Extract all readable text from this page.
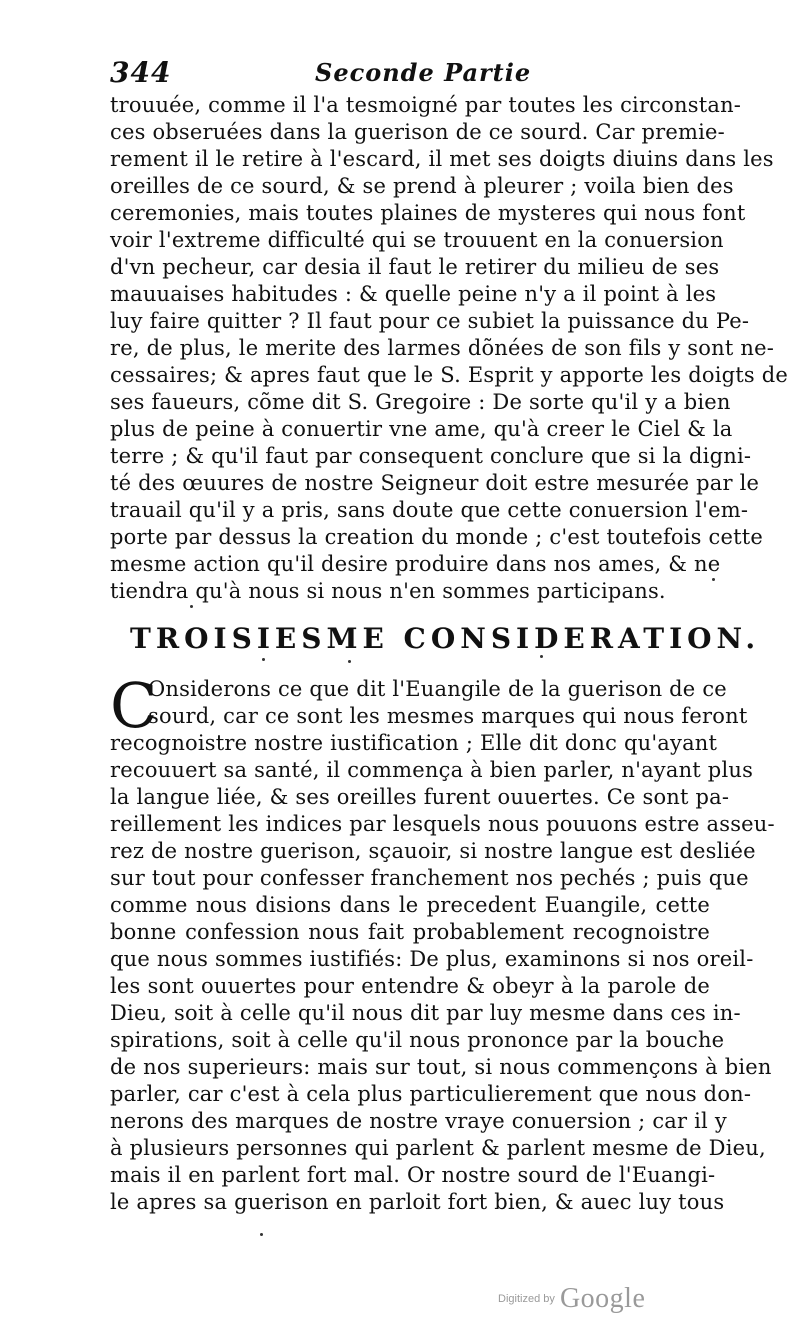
344	Seconde Partie
trouuée, comme il l'a tesmoigné par toutes les circonstan-
ces obseruées dans la guerison de ce sourd. Car premie-
rement il le retire à l'escard, il met ses doigts diuins dans les
oreilles de ce sourd, & se prend à pleurer ; voila bien des
ceremonies, mais toutes plaines de mysteres qui nous font
voir l'extreme difficulté qui se trouuent en la conuersion
d'vn pecheur, car desia il faut le retirer du milieu de ses
mauuaises habitudes : & quelle peine n'y a il point à les
luy faire quitter ? Il faut pour ce subiet la puissance du Pe-
re, de plus, le merite des larmes dõnées de son fils y sont ne-
cessaires; & apres faut que le S. Esprit y apporte les doigts de
ses faueurs, cõme dit S. Gregoire : De sorte qu'il y a bien
plus de peine à conuertir vne ame, qu'à creer le Ciel & la
terre ; & qu'il faut par consequent conclure que si la digni-
té des œuures de nostre Seigneur doit estre mesurée par le
trauail qu'il y a pris, sans doute que cette conuersion l'em-
porte par dessus la creation du monde ; c'est toutefois cette
mesme action qu'il desire produire dans nos ames, & ne
tiendra qu'à nous si nous n'en sommes participans.
TROISIESME CONSIDERATION.
C
Onsiderons ce que dit l'Euangile de la guerison de ce
sourd, car ce sont les mesmes marques qui nous feront
recognoistre nostre iustification ; Elle dit donc qu'ayant
recouuert sa santé, il commença à bien parler, n'ayant plus
la langue liée, & ses oreilles furent ouuertes. Ce sont pa-
reillement les indices par lesquels nous pouuons estre asseu-
rez de nostre guerison, sçauoir, si nostre langue est desliée
sur tout pour confesser franchement nos pechés ; puis que
comme nous disions dans le precedent Euangile, cette
bonne confession nous fait probablement recognoistre
que nous sommes iustifiés: De plus, examinons si nos oreil-
les sont ouuertes pour entendre & obeyr à la parole de
Dieu, soit à celle qu'il nous dit par luy mesme dans ces in-
spirations, soit à celle qu'il nous prononce par la bouche
de nos superieurs: mais sur tout, si nous commençons à bien
parler, car c'est à cela plus particulierement que nous don-
nerons des marques de nostre vraye conuersion ; car il y
à plusieurs personnes qui parlent & parlent mesme de Dieu,
mais il en parlent fort mal. Or nostre sourd de l'Euangi-
le apres sa guerison en parloit fort bien, & auec luy tous
Digitized by Google
